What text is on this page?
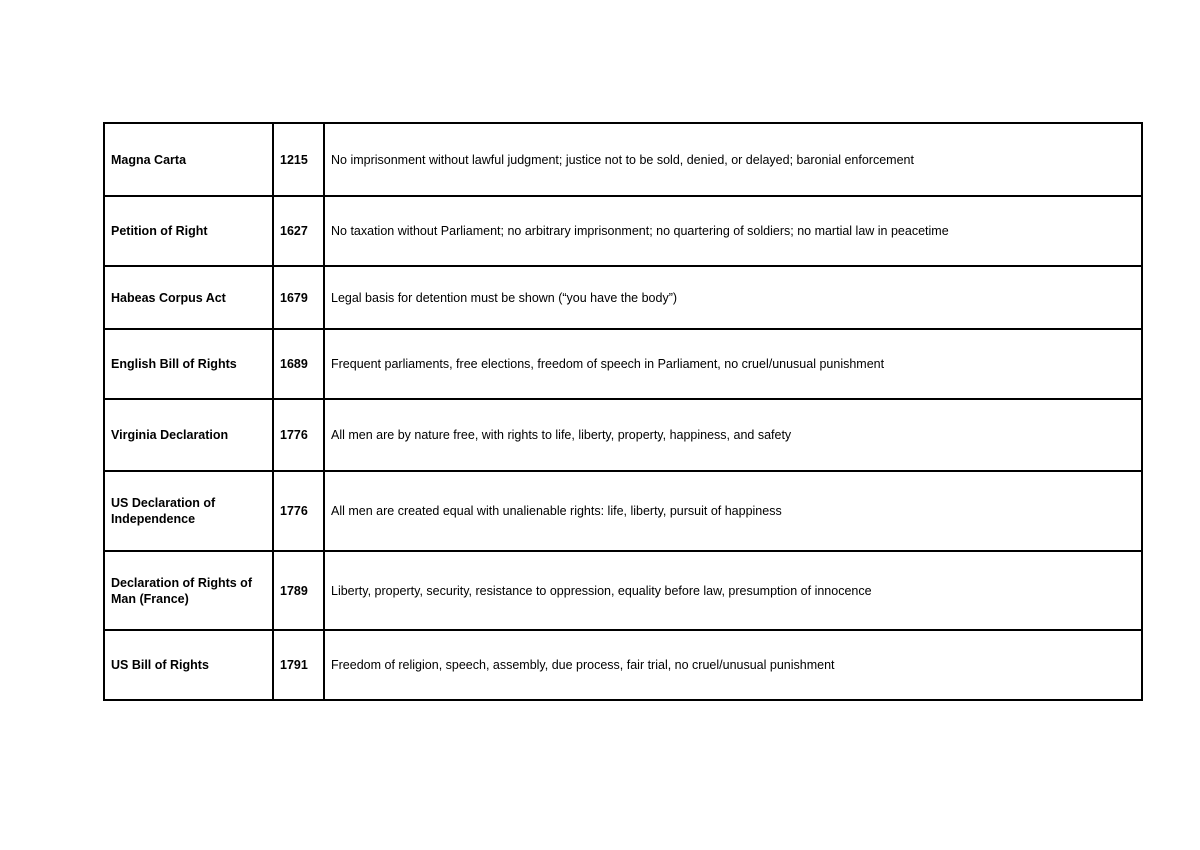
Magna Carta	1215	No imprisonment without lawful judgment; justice not to be sold, denied, or delayed; baronial enforcement
Petition of Right	1627	No taxation without Parliament; no arbitrary imprisonment; no quartering of soldiers; no martial law in peacetime
Habeas Corpus Act	1679	Legal basis for detention must be shown (“you have the body”)
English Bill of Rights	1689	Frequent parliaments, free elections, freedom of speech in Parliament, no cruel/unusual punishment
Virginia Declaration	1776	All men are by nature free, with rights to life, liberty, property, happiness, and safety
US Declaration of Independence	1776	All men are created equal with unalienable rights: life, liberty, pursuit of happiness
Declaration of Rights of Man (France)	1789	Liberty, property, security, resistance to oppression, equality before law, presumption of innocence
US Bill of Rights	1791	Freedom of religion, speech, assembly, due process, fair trial, no cruel/unusual punishment
